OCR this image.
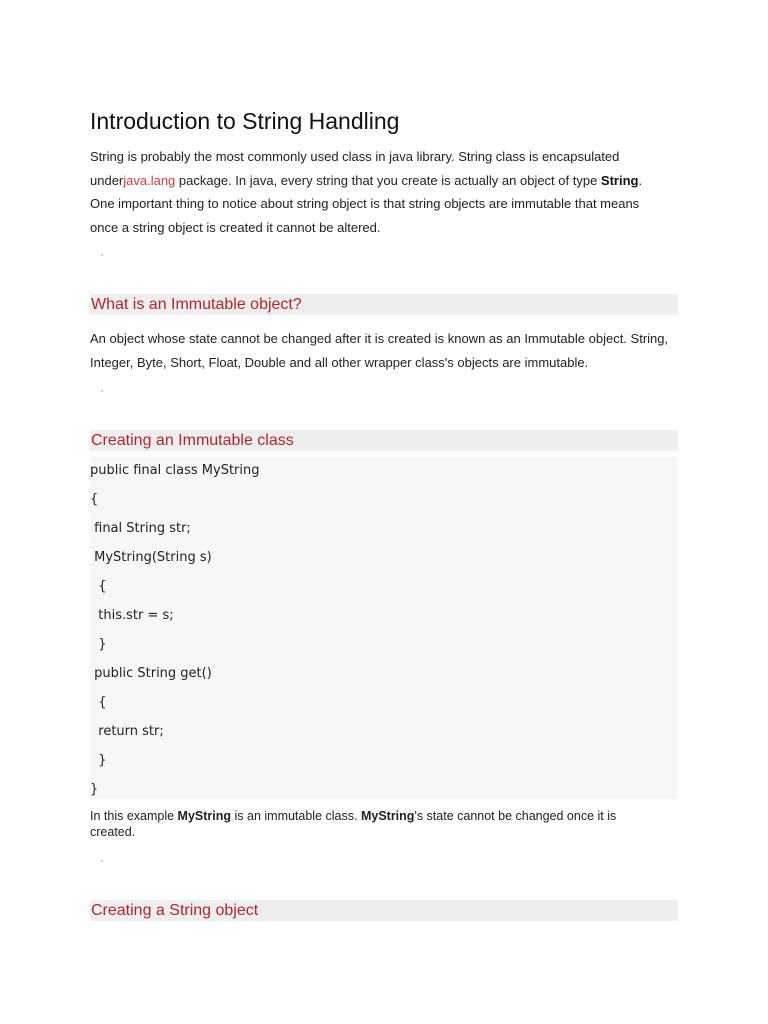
Introduction to String Handling
String is probably the most commonly used class in java library. String class is encapsulated
underjava.lang package. In java, every string that you create is actually an object of type String.
One important thing to notice about string object is that string objects are immutable that means
once a string object is created it cannot be altered.
What is an Immutable object?
An object whose state cannot be changed after it is created is known as an Immutable object. String,
Integer, Byte, Short, Float, Double and all other wrapper class's objects are immutable.
Creating an Immutable class
public final class MyString
{
final String str;
MyString(String s)
{
this.str = s;
}
public String get()
{
return str;
}
}
In this example MyString is an immutable class. MyString's state cannot be changed once it is
created.
Creating a String object
